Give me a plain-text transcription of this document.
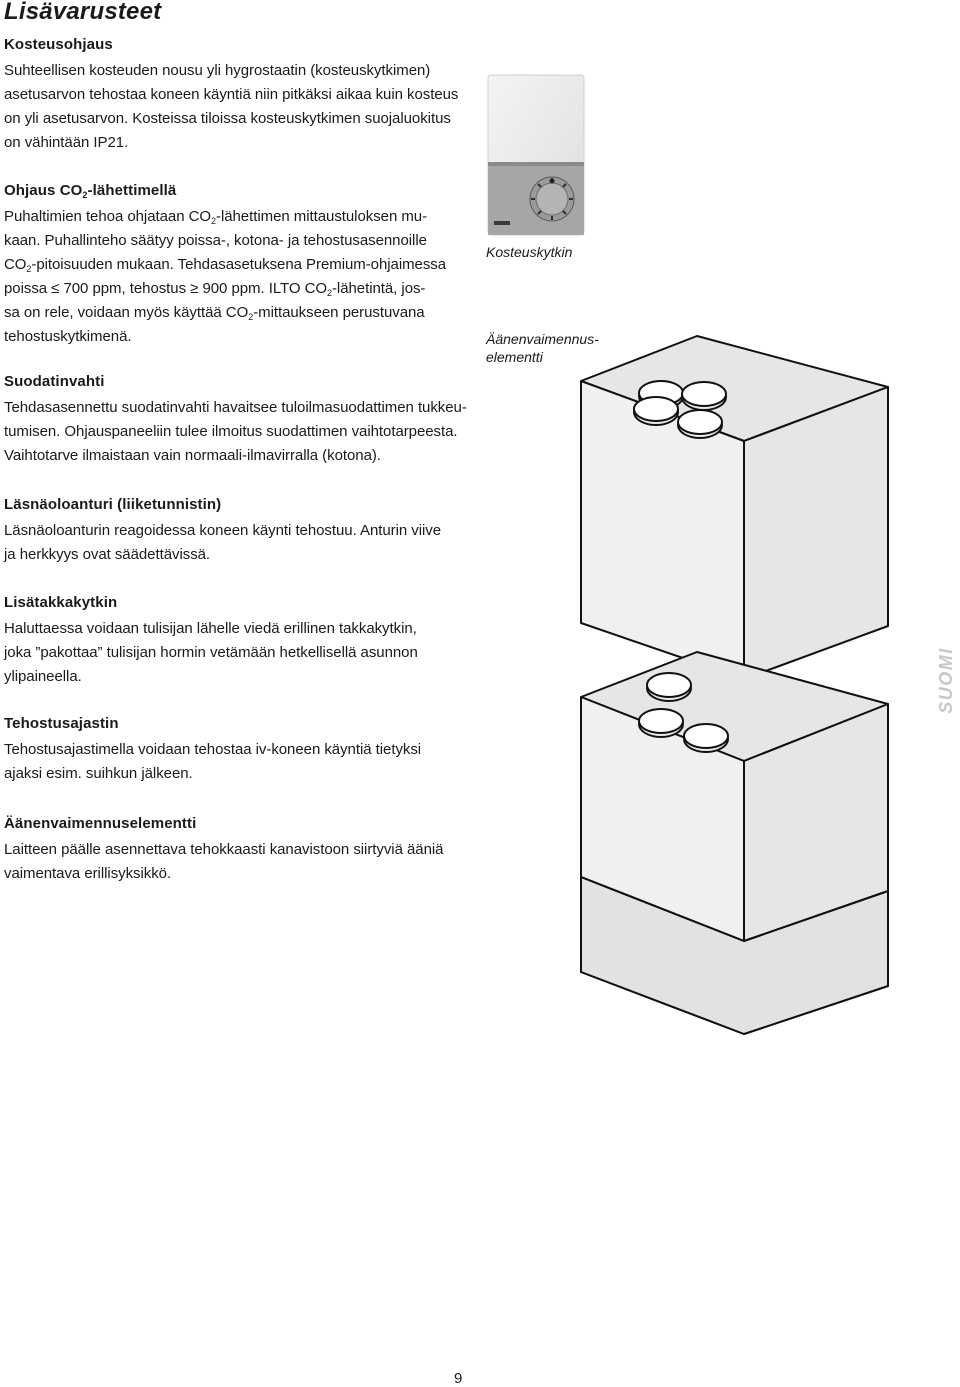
Lisävarusteet
Kosteusohjaus

Suhteellisen kosteuden nousu yli hygrostaatin (kosteuskytkimen)
asetusarvon tehostaa koneen käyntiä niin pitkäksi aikaa kuin kosteus
on yli asetusarvon. Kosteissa tiloissa kosteuskytkimen suojaluokitus
on vähintään IP21.

Ohjaus $CO_2$-lähettimellä

Puhaltimien tehoa ohjataan $CO_2$-lähettimen mittaustuloksen mu-
kaan. Puhallinteho säätyy poissa-, kotona- ja tehostusasennoille
$CO_2$-pitoisuuden mukaan. Tehdasasetuksena Premium-ohjaimessa
poissa ≤ 700 ppm, tehostus ≥ 900 ppm. ILTO $CO_2$-lähetintä, jos-
sa on rele, voidaan myös käyttää $CO_2$-mittaukseen perustuvana
tehostuskytkimenä.

Suodatinvahti

Tehdasasennettu suodatinvahti havaitsee tuloilmasuodattimen tukkeu-
tumisen. Ohjauspaneeliin tulee ilmoitus suodattimen vaihtotarpeesta.
Vaihtotarve ilmaistaan vain normaali-ilmavirralla (kotona).

Läsnäoloanturi (liiketunnistin)

Läsnäoloanturin reagoidessa koneen käynti tehostuu. Anturin viive
ja herkkyys ovat säädettävissä.

Lisätakkakytkin

Haluttaessa voidaan tulisijan lähelle viedä erillinen takkakytkin,
joka ”pakottaa” tulisijan hormin vetämään hetkellisellä asunnon
ylipaineella.

Tehostusajastin

Tehostusajastimella voidaan tehostaa iv-koneen käyntiä tietyksi
ajaksi esim. suihkun jälkeen.

Äänenvaimennuselementti

Laitteen päälle asennettava tehokkaasti kanavistoon siirtyviä ääniä
vaimentava erillisyksikkö.

Kosteuskytkin
Äänenvaimennus-
elementti
SUOMI
9
